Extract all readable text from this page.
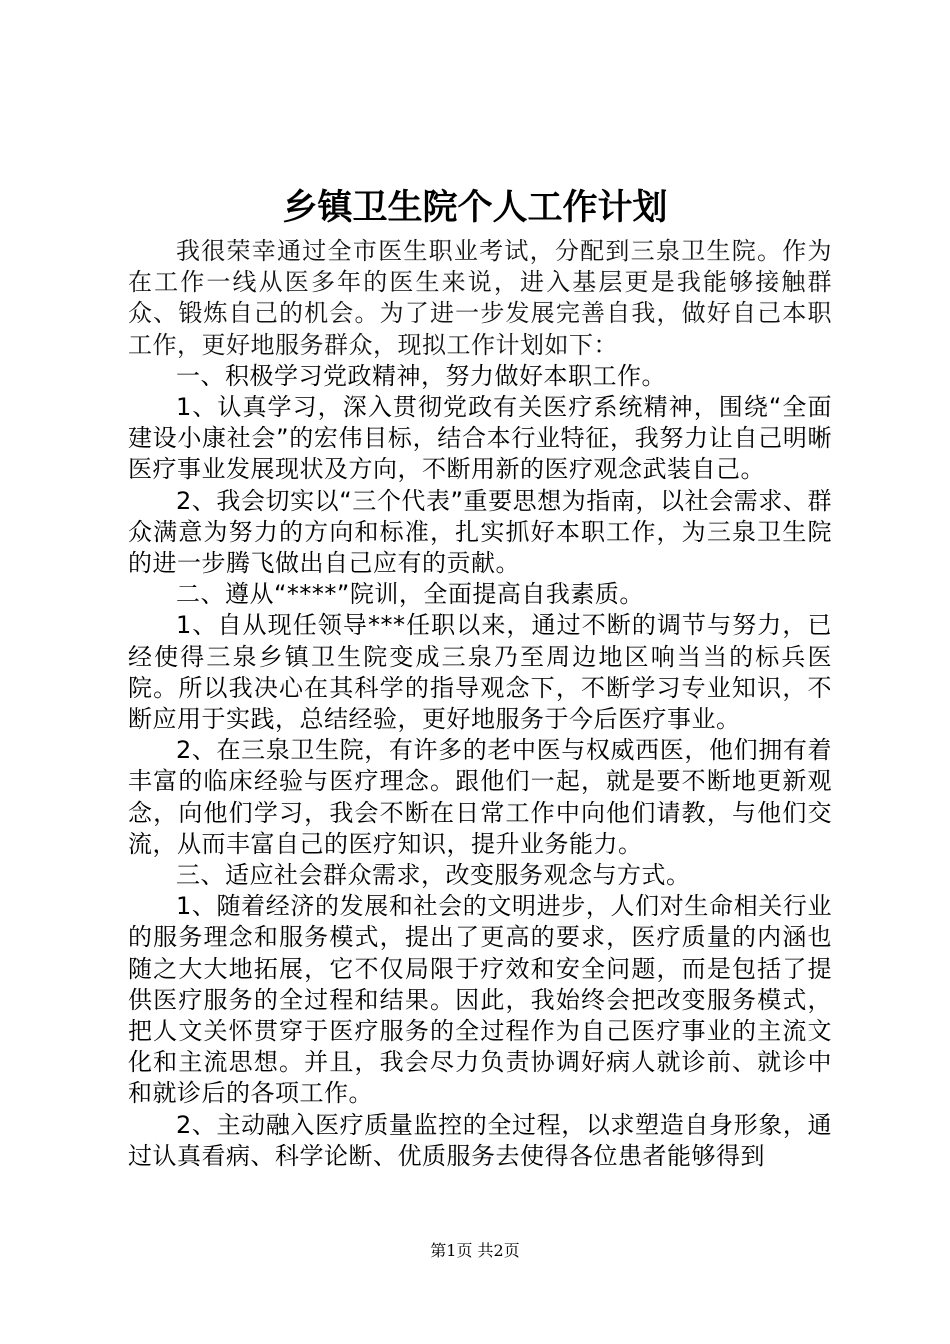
乡镇卫生院个人工作计划

我很荣幸通过全市医生职业考试，分配到三泉卫生院。作为在工作一线从医多年的医生来说，进入基层更是我能够接触群众、锻炼自己的机会。为了进一步发展完善自我，做好自己本职工作，更好地服务群众，现拟工作计划如下：

一、积极学习党政精神，努力做好本职工作。

1、认真学习，深入贯彻党政有关医疗系统精神，围绕“全面建设小康社会”的宏伟目标，结合本行业特征，我努力让自己明晰医疗事业发展现状及方向，不断用新的医疗观念武装自己。

2、我会切实以“三个代表”重要思想为指南，以社会需求、群众满意为努力的方向和标准，扎实抓好本职工作，为三泉卫生院的进一步腾飞做出自己应有的贡献。

二、遵从“****”院训，全面提高自我素质。

1、自从现任领导***任职以来，通过不断的调节与努力，已经使得三泉乡镇卫生院变成三泉乃至周边地区响当当的标兵医院。所以我决心在其科学的指导观念下，不断学习专业知识，不断应用于实践，总结经验，更好地服务于今后医疗事业。

2、在三泉卫生院，有许多的老中医与权威西医，他们拥有着丰富的临床经验与医疗理念。跟他们一起，就是要不断地更新观念，向他们学习，我会不断在日常工作中向他们请教，与他们交流，从而丰富自己的医疗知识，提升业务能力。

三、适应社会群众需求，改变服务观念与方式。

1、随着经济的发展和社会的文明进步，人们对生命相关行业的服务理念和服务模式，提出了更高的要求，医疗质量的内涵也随之大大地拓展，它不仅局限于疗效和安全问题，而是包括了提供医疗服务的全过程和结果。因此，我始终会把改变服务模式，把人文关怀贯穿于医疗服务的全过程作为自己医疗事业的主流文化和主流思想。并且，我会尽力负责协调好病人就诊前、就诊中和就诊后的各项工作。

2、主动融入医疗质量监控的全过程，以求塑造自身形象，通过认真看病、科学论断、优质服务去使得各位患者能够得到

第1页 共2页
